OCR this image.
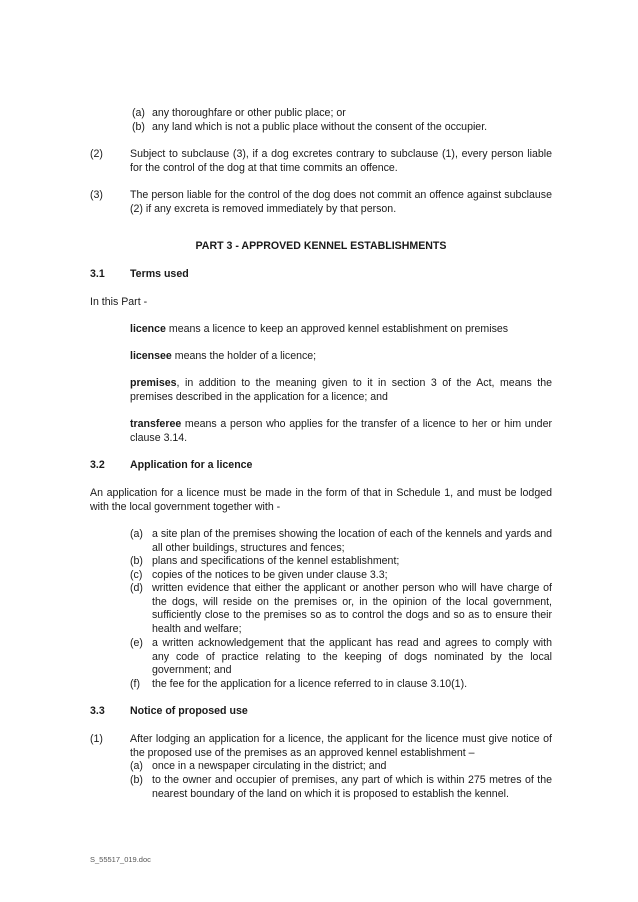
(a) any thoroughfare or other public place; or
(b) any land which is not a public place without the consent of the occupier.
(2)	Subject to subclause (3), if a dog excretes contrary to subclause (1), every person liable for the control of the dog at that time commits an offence.
(3)	The person liable for the control of the dog does not commit an offence against subclause (2) if any excreta is removed immediately by that person.
PART 3 - APPROVED KENNEL ESTABLISHMENTS
3.1 Terms used
In this Part -
licence means a licence to keep an approved kennel establishment on premises
licensee means the holder of a licence;
premises, in addition to the meaning given to it in section 3 of the Act, means the premises described in the application for a licence; and
transferee means a person who applies for the transfer of a licence to her or him under clause 3.14.
3.2 Application for a licence
An application for a licence must be made in the form of that in Schedule 1, and must be lodged with the local government together with -
(a) a site plan of the premises showing the location of each of the kennels and yards and all other buildings, structures and fences;
(b) plans and specifications of the kennel establishment;
(c) copies of the notices to be given under clause 3.3;
(d) written evidence that either the applicant or another person who will have charge of the dogs, will reside on the premises or, in the opinion of the local government, sufficiently close to the premises so as to control the dogs and so as to ensure their health and welfare;
(e) a written acknowledgement that the applicant has read and agrees to comply with any code of practice relating to the keeping of dogs nominated by the local government; and
(f)	the fee for the application for a licence referred to in clause 3.10(1).
3.3 Notice of proposed use
(1)	After lodging an application for a licence, the applicant for the licence must give notice of the proposed use of the premises as an approved kennel establishment –
(a) once in a newspaper circulating in the district; and
(b) to the owner and occupier of premises, any part of which is within 275 metres of the nearest boundary of the land on which it is proposed to establish the kennel.
S_55517_019.doc
